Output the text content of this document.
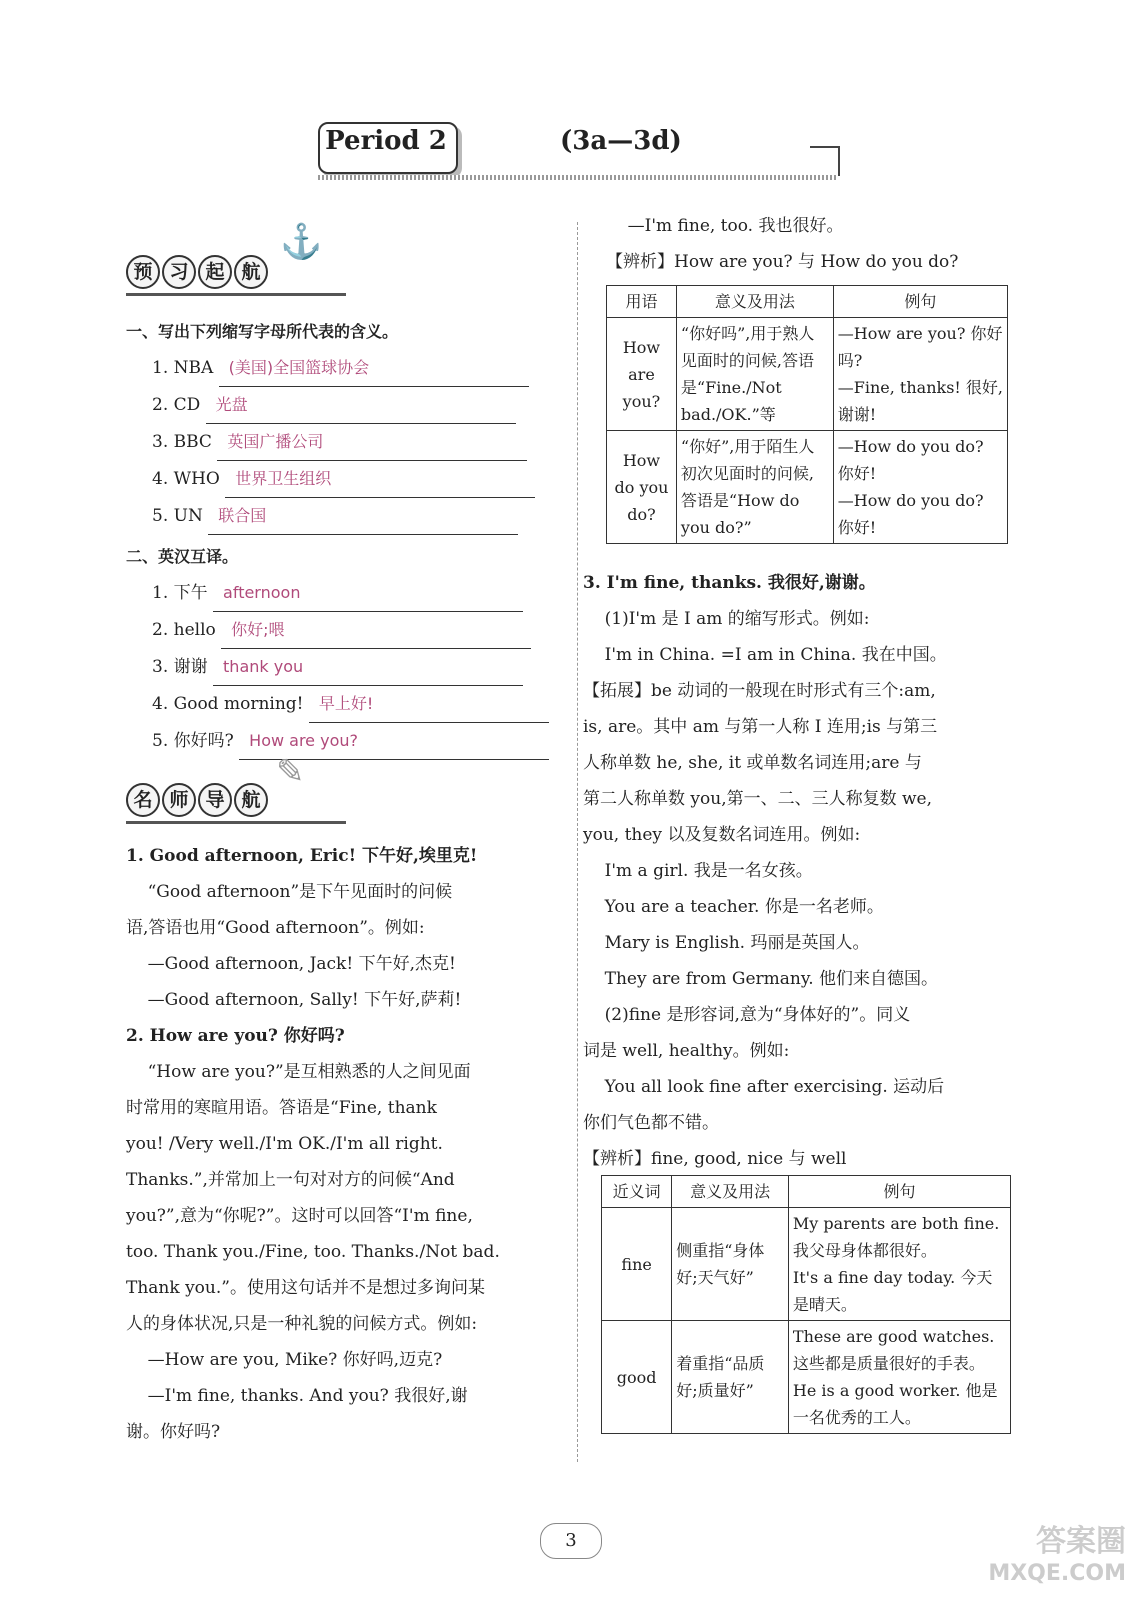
Period 2	(3a—3d)
预 习 起 航
⚓
一、写出下列缩写字母所代表的含义。
1. NBA (美国)全国篮球协会
2. CD 光盘
3. BBC 英国广播公司
4. WHO 世界卫生组织
5. UN 联合国
二、英汉互译。
1. 下午 afternoon
2. hello 你好;喂
3. 谢谢 thank you
4. Good morning! 早上好!
5. 你好吗? How are you?
名 师 导 航
✎
1. Good afternoon, Eric! 下午好,埃里克!
“Good afternoon”是下午见面时的问候
语,答语也用“Good afternoon”。例如:
—Good afternoon, Jack! 下午好,杰克!
—Good afternoon, Sally! 下午好,萨莉!
2. How are you? 你好吗?
“How are you?”是互相熟悉的人之间见面
时常用的寒暄用语。答语是“Fine, thank
you! /Very well./I'm OK./I'm all right.
Thanks.”,并常加上一句对对方的问候“And
you?”,意为“你呢?”。这时可以回答“I'm fine,
too. Thank you./Fine, too. Thanks./Not bad.
Thank you.”。使用这句话并不是想过多询问某
人的身体状况,只是一种礼貌的问候方式。例如:
—How are you, Mike? 你好吗,迈克?
—I'm fine, thanks. And you? 我很好,谢
谢。你好吗?
—I'm fine, too. 我也很好。
【辨析】How are you? 与 How do you do?
用语	意义及用法	例句
How are you?	“你好吗”,用于熟人见面时的问候,答语是“Fine./Not bad./OK.”等	—How are you? 你好吗?
—Fine, thanks! 很好,谢谢!

How do you do?	“你好”,用于陌生人初次见面时的问候,答语是“How do you do?”	—How do you do? 你好!
—How do you do? 你好!
3. I'm fine, thanks. 我很好,谢谢。
(1)I'm 是 I am 的缩写形式。例如:
I'm in China. =I am in China. 我在中国。
【拓展】be 动词的一般现在时形式有三个:am,
is, are。其中 am 与第一人称 I 连用;is 与第三
人称单数 he, she, it 或单数名词连用;are 与
第二人称单数 you,第一、二、三人称复数 we,
you, they 以及复数名词连用。例如:
I'm a girl. 我是一名女孩。
You are a teacher. 你是一名老师。
Mary is English. 玛丽是英国人。
They are from Germany. 他们来自德国。
(2)fine 是形容词,意为“身体好的”。同义
词是 well, healthy。例如:
You all look fine after exercising. 运动后
你们气色都不错。
【辨析】fine, good, nice 与 well
近义词	意义及用法	例句
fine	侧重指“身体好;天气好”	My parents are both fine. 我父母身体都很好。
It's a fine day today. 今天是晴天。

good	着重指“品质好;质量好”	These are good watches. 这些都是质量很好的手表。
He is a good worker. 他是一名优秀的工人。
3	答案圈
MXQE.COM
